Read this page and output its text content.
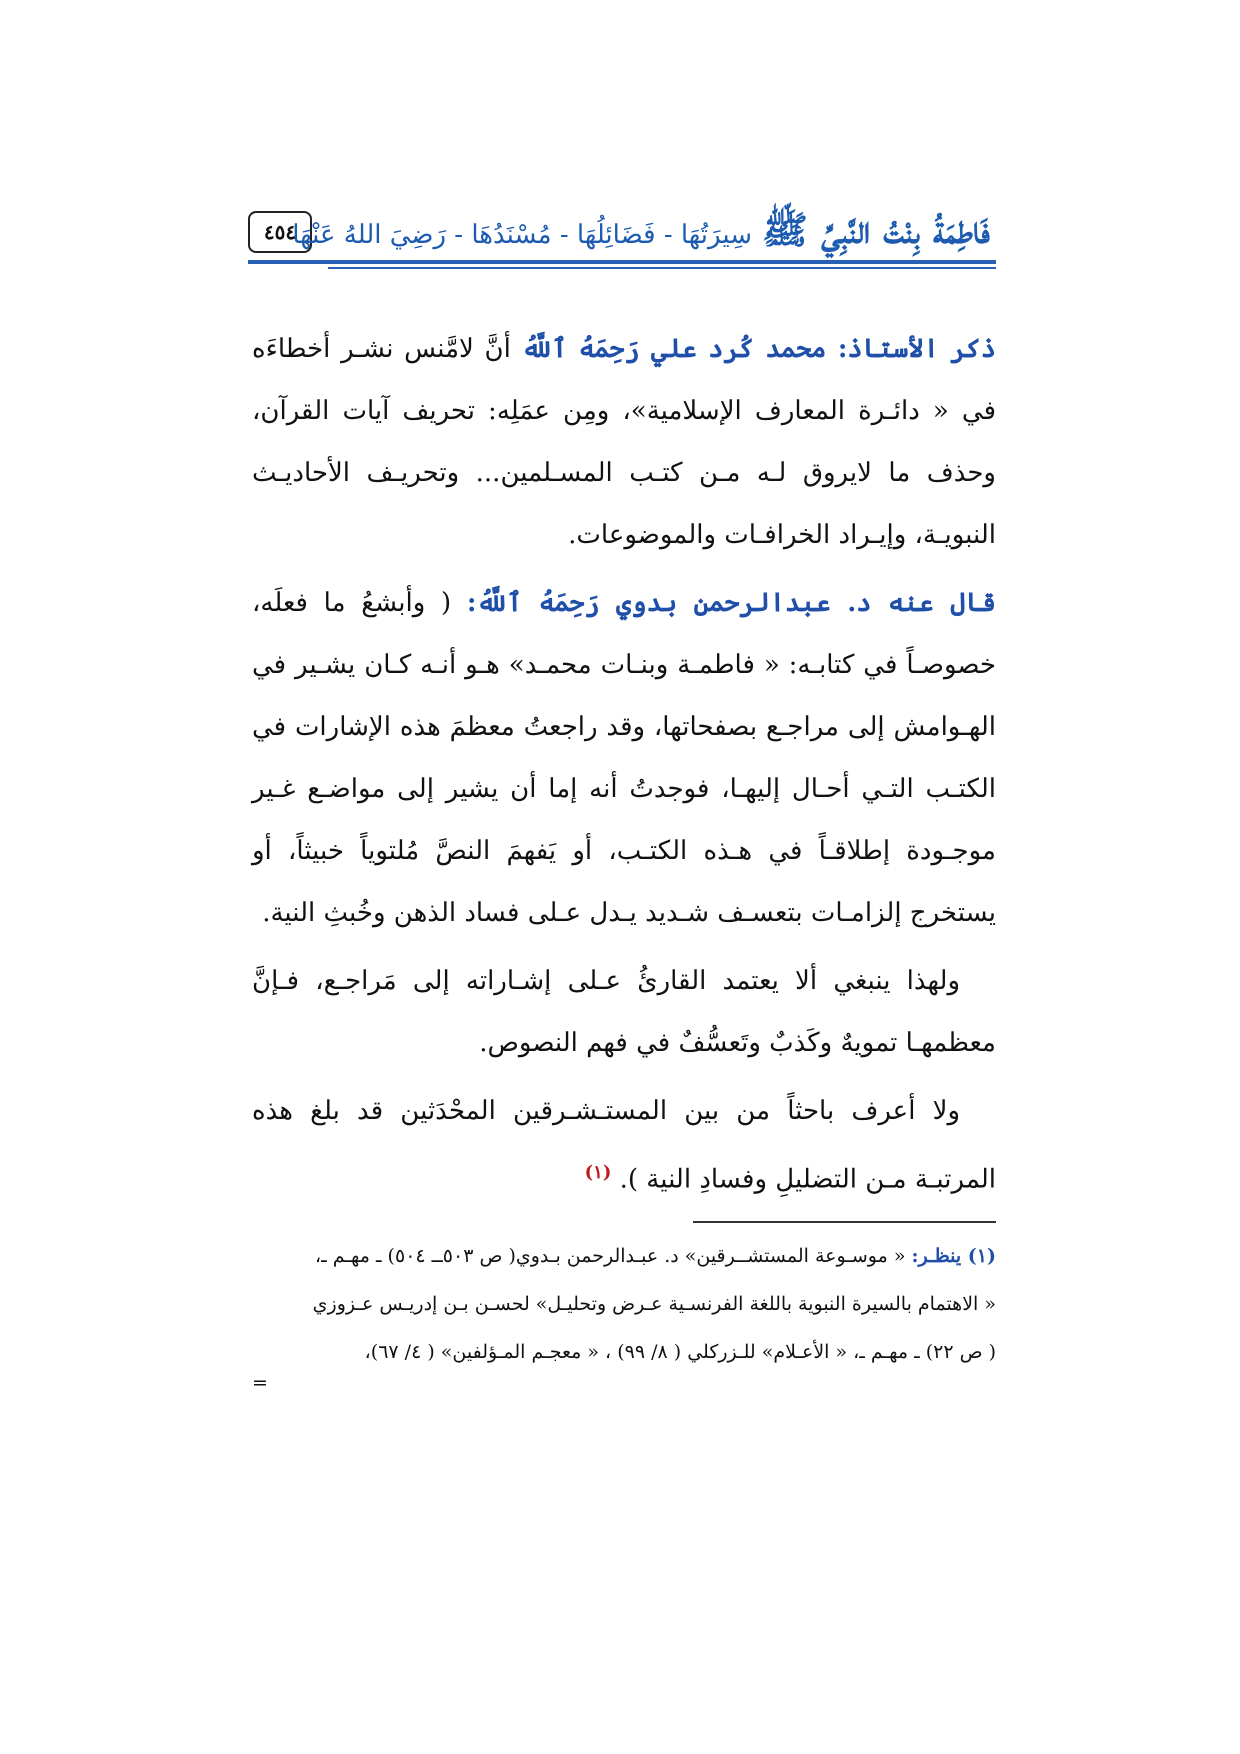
٤٥٤	فَاطِمَةُ بِنْتُ النَّبِيِّ ﷺسِيرَتُهَا - فَضَائِلُهَا - مُسْنَدُهَا - رَضِيَ اللهُ عَنْهَا

ذكر الأستاذ: محمد كُرد علي رَحِمَهُ ٱللَّهُ أنَّ لامَّنس نشـر أخطاءَه في « دائـرة المعارف الإسلامية»، ومِن عمَلِه: تحريف آيات القرآن، وحذف ما لايروق لـه مـن كتـب المسـلمين... وتحريـف الأحاديـث النبويـة، وإيـراد الخرافـات والموضوعات.

قال عنه د. عبدالرحمن بدوي رَحِمَهُ ٱللَّهُ: ( وأبشعُ ما فعلَه، خصوصـاً في كتابـه: « فاطمـة وبنـات محمـد» هـو أنـه كـان يشـير في الهـوامش إلى مراجـع بصفحاتها، وقد راجعتُ معظمَ هذه الإشارات في الكتـب التـي أحـال إليهـا، فوجدتُ أنه إما أن يشير إلى مواضـع غـير موجـودة إطلاقـاً في هـذه الكتـب، أو يَفهمَ النصَّ مُلتوياً خبيثاً، أو يستخرج إلزامـات بتعسـف شـديد يـدل عـلى فساد الذهن وخُبثِ النية.

ولهذا ينبغي ألا يعتمد القارئُ عـلى إشـاراته إلى مَراجـع، فـإنَّ معظمهـا تمويهٌ وكَذبٌ وتَعسُّفٌ في فهم النصوص.

ولا أعرف باحثاً من بين المستـشـرقين المحْدَثين قد بلغ هذه المرتبـة مـن التضليلِ وفسادِ النية ). $^{(١)}$

(١) ينظـر: « موسـوعة المستشــرقين» د. عبـدالرحمن بـدوي( ص ٥٠٣ــ ٥٠٤) ـ مهـم ـ،

« الاهتمام بالسيرة النبوية باللغة الفرنسـية عـرض وتحليـل» لحسـن بـن إدريـس عـزوزي

( ص ٢٢) ـ مهـم ـ، « الأعـلام» للـزركلي ( ٨/ ٩٩) ، « معجـم المـؤلفين» ( ٤/ ٦٧)،

=
